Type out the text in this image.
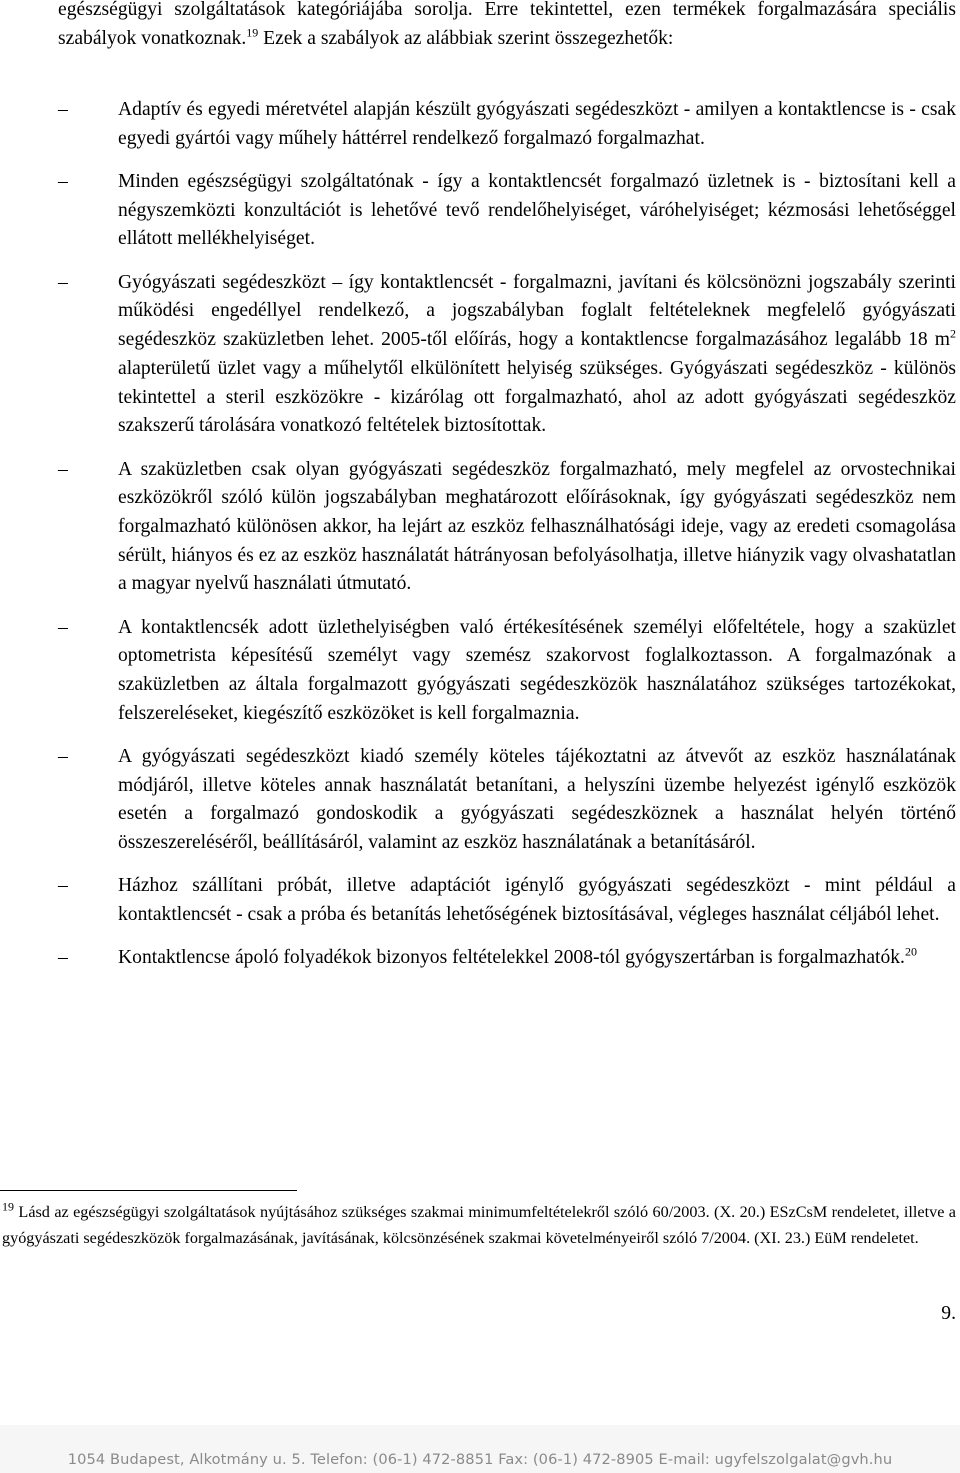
egészségügyi szolgáltatások kategóriájába sorolja. Erre tekintettel, ezen termékek forgalmazására speciális szabályok vonatkoznak.$^{19}$ Ezek a szabályok az alábbiak szerint összegezhetők:

–	Adaptív és egyedi méretvétel alapján készült gyógyászati segédeszközt - amilyen a kontaktlencse is - csak egyedi gyártói vagy műhely háttérrel rendelkező forgalmazó forgalmazhat.
–	Minden egészségügyi szolgáltatónak - így a kontaktlencsét forgalmazó üzletnek is - biztosítani kell a négyszemközti konzultációt is lehetővé tevő rendelőhelyiséget, váróhelyiséget; kézmosási lehetőséggel ellátott mellékhelyiséget.
–	Gyógyászati segédeszközt – így kontaktlencsét - forgalmazni, javítani és kölcsönözni jogszabály szerinti működési engedéllyel rendelkező, a jogszabályban foglalt feltételeknek megfelelő gyógyászati segédeszköz szaküzletben lehet. 2005-től előírás, hogy a kontaktlencse forgalmazásához legalább 18 $m^2$ alapterületű üzlet vagy a műhelytől elkülönített helyiség szükséges. Gyógyászati segédeszköz - különös tekintettel a steril eszközökre - kizárólag ott forgalmazható, ahol az adott gyógyászati segédeszköz szakszerű tárolására vonatkozó feltételek biztosítottak.
–	A szaküzletben csak olyan gyógyászati segédeszköz forgalmazható, mely megfelel az orvostechnikai eszközökről szóló külön jogszabályban meghatározott előírásoknak, így gyógyászati segédeszköz nem forgalmazható különösen akkor, ha lejárt az eszköz felhasználhatósági ideje, vagy az eredeti csomagolása sérült, hiányos és ez az eszköz használatát hátrányosan befolyásolhatja, illetve hiányzik vagy olvashatatlan a magyar nyelvű használati útmutató.
–	A kontaktlencsék adott üzlethelyiségben való értékesítésének személyi előfeltétele, hogy a szaküzlet optometrista képesítésű személyt vagy szemész szakorvost foglalkoztasson. A forgalmazónak a szaküzletben az általa forgalmazott gyógyászati segédeszközök használatához szükséges tartozékokat, felszereléseket, kiegészítő eszközöket is kell forgalmaznia.
–	A gyógyászati segédeszközt kiadó személy köteles tájékoztatni az átvevőt az eszköz használatának módjáról, illetve köteles annak használatát betanítani, a helyszíni üzembe helyezést igénylő eszközök esetén a forgalmazó gondoskodik a gyógyászati segédeszköznek a használat helyén történő összeszereléséről, beállításáról, valamint az eszköz használatának a betanításáról.
–	Házhoz szállítani próbát, illetve adaptációt igénylő gyógyászati segédeszközt - mint például a kontaktlencsét - csak a próba és betanítás lehetőségének biztosításával, végleges használat céljából lehet.
–	Kontaktlencse ápoló folyadékok bizonyos feltételekkel 2008-tól gyógyszertárban is forgalmazhatók.$^{20}$

$^{19}$ Lásd az egészségügyi szolgáltatások nyújtásához szükséges szakmai minimumfeltételekről szóló 60/2003. (X. 20.) ESzCsM rendeletet, illetve a gyógyászati segédeszközök forgalmazásának, javításának, kölcsönzésének szakmai követelményeiről szóló 7/2004. (XI. 23.) EüM rendeletet.

9.
1054 Budapest, Alkotmány u. 5. Telefon: (06-1) 472-8851 Fax: (06-1) 472-8905 E-mail: ugyfelszolgalat@gvh.hu
